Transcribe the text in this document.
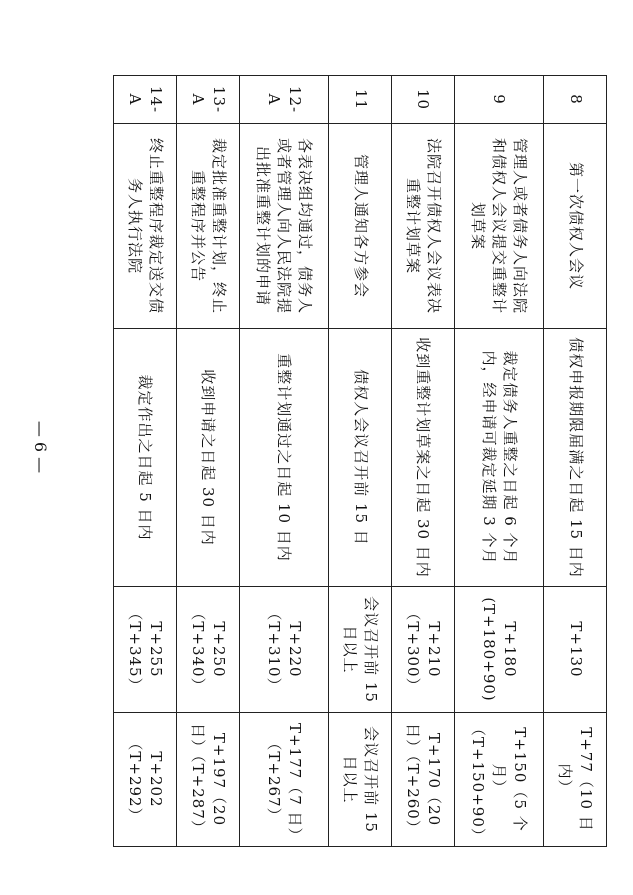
— 6 —
8	第一次债权人会议	债权申报期限届满之日起 15 日内	T+130	T+77（10 日内）
9	管理人或者债务人向法院和债权人会议提交重整计划草案	裁定债务人重整之日起 6 个月内，经申请可裁定延期 3 个月	T+180 (T+180+90)	T+150（5 个月）（T+150+90）
10	法院召开债权人会议表决重整计划草案	收到重整计划草案之日起 30 日内	T+210（T+300）	T+170（20 日）（T+260）
11	管理人通知各方参会	债权人会议召开前 15 日	会议召开前 15 日以上	会议召开前 15 日以上
12-A	各表决组均通过，债务人或者管理人向人民法院提出批准重整计划的申请	重整计划通过之日起 10 日内	T+220（T+310）	T+177（7 日）（T+267）
13-A	裁定批准重整计划，终止重整程序并公告	收到申请之日起 30 日内	T+250（T+340）	T+197（20 日）（T+287）
14-A	终止重整程序裁定送交债务人执行法院	裁定作出之日起 5 日内	T+255（T+345）	T+202（T+292）
